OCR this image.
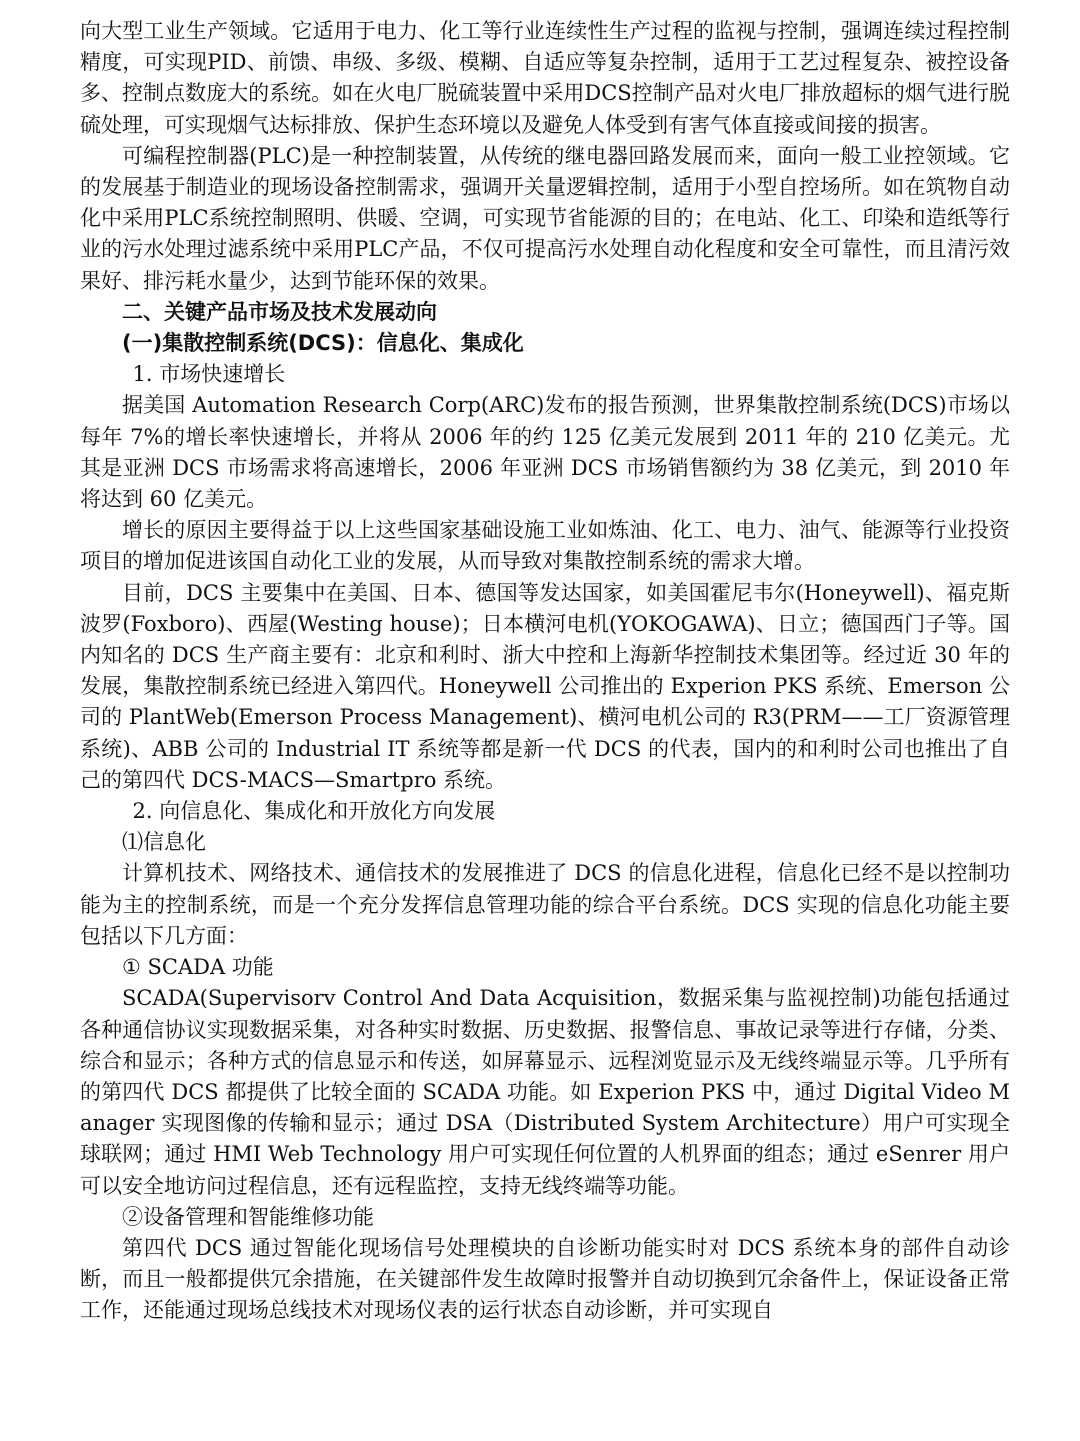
向大型工业生产领域。它适用于电力、化工等行业连续性生产过程的监视与控制，强调连续过程控制精度，可实现PID、前馈、串级、多级、模糊、自适应等复杂控制，适用于工艺过程复杂、被控设备多、控制点数庞大的系统。如在火电厂脱硫装置中采用DCS控制产品对火电厂排放超标的烟气进行脱硫处理，可实现烟气达标排放、保护生态环境以及避免人体受到有害气体直接或间接的损害。

可编程控制器(PLC)是一种控制装置，从传统的继电器回路发展而来，面向一般工业控领域。它的发展基于制造业的现场设备控制需求，强调开关量逻辑控制，适用于小型自控场所。如在筑物自动化中采用PLC系统控制照明、供暖、空调，可实现节省能源的目的；在电站、化工、印染和造纸等行业的污水处理过滤系统中采用PLC产品，不仅可提高污水处理自动化程度和安全可靠性，而且清污效果好、排污耗水量少，达到节能环保的效果。

二、关键产品市场及技术发展动向

(一)集散控制系统(DCS)：信息化、集成化

1. 市场快速增长

据美国 Automation Research Corp(ARC)发布的报告预测，世界集散控制系统(DCS)市场以每年 7%的增长率快速增长，并将从 2006 年的约 125 亿美元发展到 2011 年的 210 亿美元。尤其是亚洲 DCS 市场需求将高速增长，2006 年亚洲 DCS 市场销售额约为 38 亿美元，到 2010 年将达到 60 亿美元。

增长的原因主要得益于以上这些国家基础设施工业如炼油、化工、电力、油气、能源等行业投资项目的增加促进该国自动化工业的发展，从而导致对集散控制系统的需求大增。

目前，DCS 主要集中在美国、日本、德国等发达国家，如美国霍尼韦尔(Honeywell)、福克斯波罗(Foxboro)、西屋(Westing house)；日本横河电机(YOKOGAWA)、日立；德国西门子等。国内知名的 DCS 生产商主要有：北京和利时、浙大中控和上海新华控制技术集团等。经过近 30 年的发展，集散控制系统已经进入第四代。Honeywell 公司推出的 Experion PKS 系统、Emerson 公司的 PlantWeb(Emerson Process Management)、横河电机公司的 R3(PRM——工厂资源管理系统)、ABB 公司的 Industrial IT 系统等都是新一代 DCS 的代表，国内的和利时公司也推出了自己的第四代 DCS-MACS—Smartpro 系统。

2. 向信息化、集成化和开放化方向发展

⑴信息化

计算机技术、网络技术、通信技术的发展推进了 DCS 的信息化进程，信息化已经不是以控制功能为主的控制系统，而是一个充分发挥信息管理功能的综合平台系统。DCS 实现的信息化功能主要包括以下几方面：

① SCADA 功能

SCADA(Supervisorv Control And Data Acquisition，数据采集与监视控制)功能包括通过各种通信协议实现数据采集，对各种实时数据、历史数据、报警信息、事故记录等进行存储，分类、综合和显示；各种方式的信息显示和传送，如屏幕显示、远程浏览显示及无线终端显示等。几乎所有的第四代 DCS 都提供了比较全面的 SCADA 功能。如 Experion PKS 中，通过 Digital Video Manager 实现图像的传输和显示；通过 DSA（Distributed System Architecture）用户可实现全球联网；通过 HMI Web Technology 用户可实现任何位置的人机界面的组态；通过 eSenrer 用户可以安全地访问过程信息，还有远程监控，支持无线终端等功能。

②设备管理和智能维修功能

第四代 DCS 通过智能化现场信号处理模块的自诊断功能实时对 DCS 系统本身的部件自动诊断，而且一般都提供冗余措施，在关键部件发生故障时报警并自动切换到冗余备件上，保证设备正常工作，还能通过现场总线技术对现场仪表的运行状态自动诊断，并可实现自
